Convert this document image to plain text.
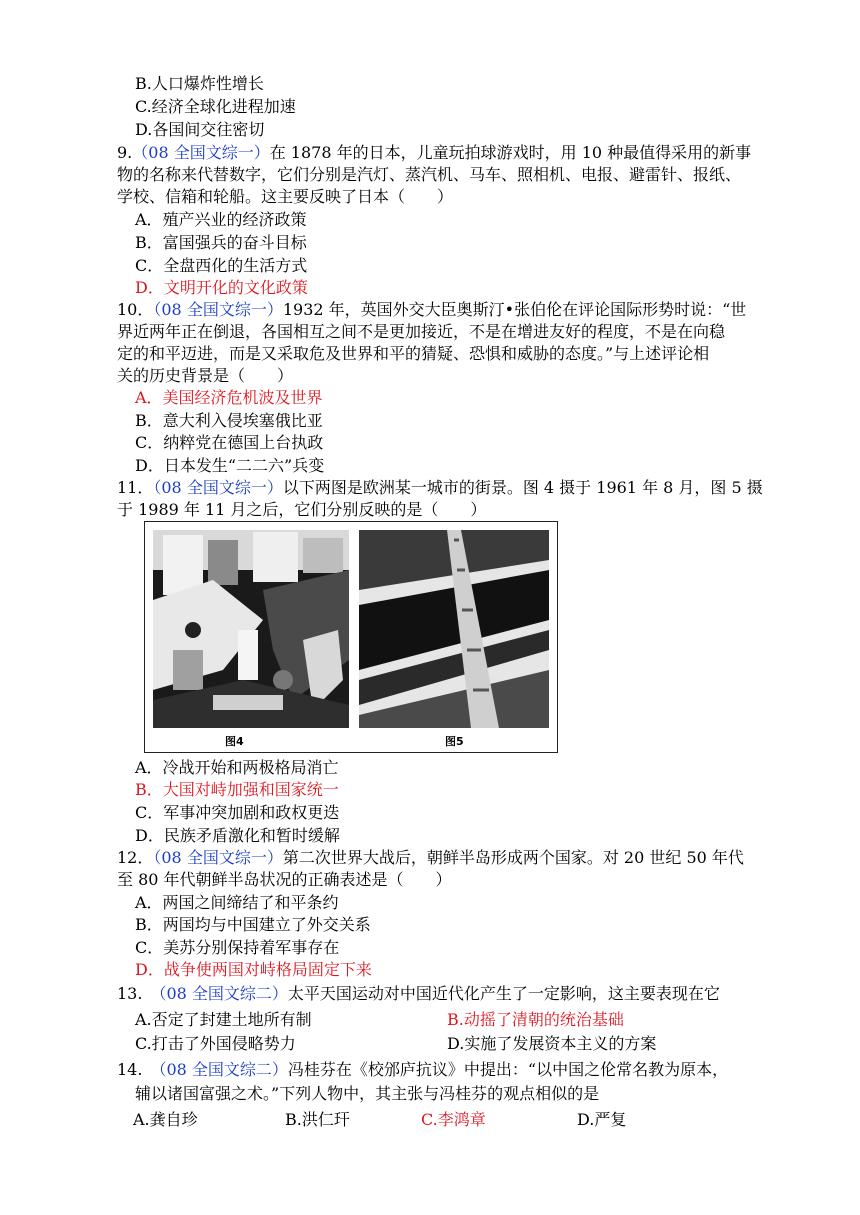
B.人口爆炸性增长
C.经济全球化进程加速
D.各国间交往密切
9.（08 全国文综一）在 1878 年的日本，儿童玩拍球游戏时，用 10 种最值得采用的新事
物的名称来代替数字，它们分别是汽灯、蒸汽机、马车、照相机、电报、避雷针、报纸、
学校、信箱和轮船。这主要反映了日本（　　）
A．殖产兴业的经济政策
B．富国强兵的奋斗目标
C．全盘西化的生活方式
D．文明开化的文化政策
10．（08 全国文综一）1932 年，英国外交大臣奥斯汀•张伯伦在评论国际形势时说：“世
界近两年正在倒退，各国相互之间不是更加接近，不是在增进友好的程度，不是在向稳
定的和平迈进，而是又采取危及世界和平的猜疑、恐惧和威胁的态度。”与上述评论相
关的历史背景是（　　）
A．美国经济危机波及世界
B．意大利入侵埃塞俄比亚
C．纳粹党在德国上台执政
D．日本发生“二二六”兵变
11．（08 全国文综一）以下两图是欧洲某一城市的街景。图 4 摄于 1961 年 8 月，图 5 摄
于 1989 年 11 月之后，它们分别反映的是（　　）
图4	图5
A．冷战开始和两极格局消亡
B．大国对峙加强和国家统一
C．军事冲突加剧和政权更迭
D．民族矛盾激化和暂时缓解
12．（08 全国文综一）第二次世界大战后，朝鲜半岛形成两个国家。对 20 世纪 50 年代
至 80 年代朝鲜半岛状况的正确表述是（　　）
A．两国之间缔结了和平条约
B．两国均与中国建立了外交关系
C．美苏分别保持着军事存在
D．战争使两国对峙格局固定下来
13.　（08 全国文综二）太平天国运动对中国近代化产生了一定影响，这主要表现在它
A.否定了封建土地所有制	B.动摇了清朝的统治基础
C.打击了外国侵略势力	D.实施了发展资本主义的方案
14.　（08 全国文综二）冯桂芬在《校邠庐抗议》中提出：“以中国之伦常名教为原本，
辅以诸国富强之术。”下列人物中，其主张与冯桂芬的观点相似的是
A.龚自珍	B.洪仁玕	C.李鸿章	D.严复
